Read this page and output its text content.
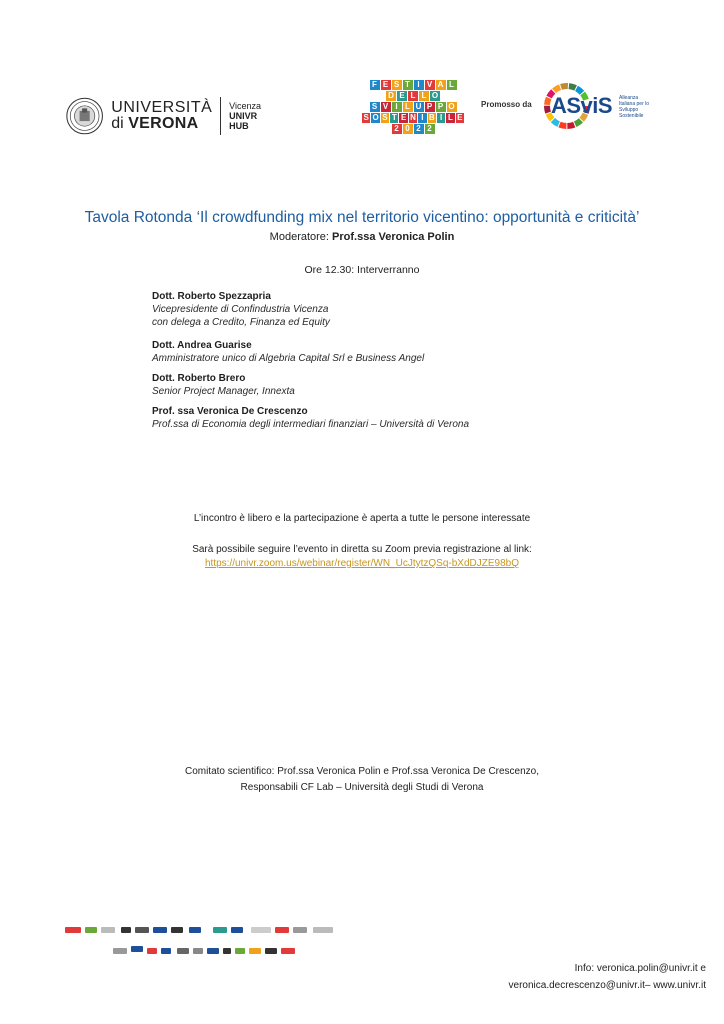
UNIVERSITÀ
di VERONA
Vicenza
UNIVR
HUB
F E S T I V A L
D E L L O
S V I L U P P O
S O S T E N I B I L E
2 0 2 2
Promosso da ASviS Alleanza Italiana per lo Sviluppo Sostenibile
Tavola Rotonda ‘Il crowdfunding mix nel territorio vicentino: opportunità e criticità’
Moderatore: Prof.ssa Veronica Polin
Ore 12.30: Interverranno
Dott. Roberto Spezzapria
Vicepresidente di Confindustria Vicenza
con delega a Credito, Finanza ed Equity
Dott. Andrea Guarise
Amministratore unico di Algebria Capital Srl e Business Angel
Dott. Roberto Brero
Senior Project Manager, Innexta
Prof. ssa Veronica De Crescenzo
Prof.ssa di Economia degli intermediari finanziari – Università di Verona
L’incontro è libero e la partecipazione è aperta a tutte le persone interessate
Sarà possibile seguire l’evento in diretta su Zoom previa registrazione al link:
https://univr.zoom.us/webinar/register/WN_UcJtytzQSq-bXdDJZE98bQ
Comitato scientifico: Prof.ssa Veronica Polin e Prof.ssa Veronica De Crescenzo,
Responsabili CF Lab – Università degli Studi di Verona
Info: veronica.polin@univr.it e
veronica.decrescenzo@univr.it– www.univr.it
